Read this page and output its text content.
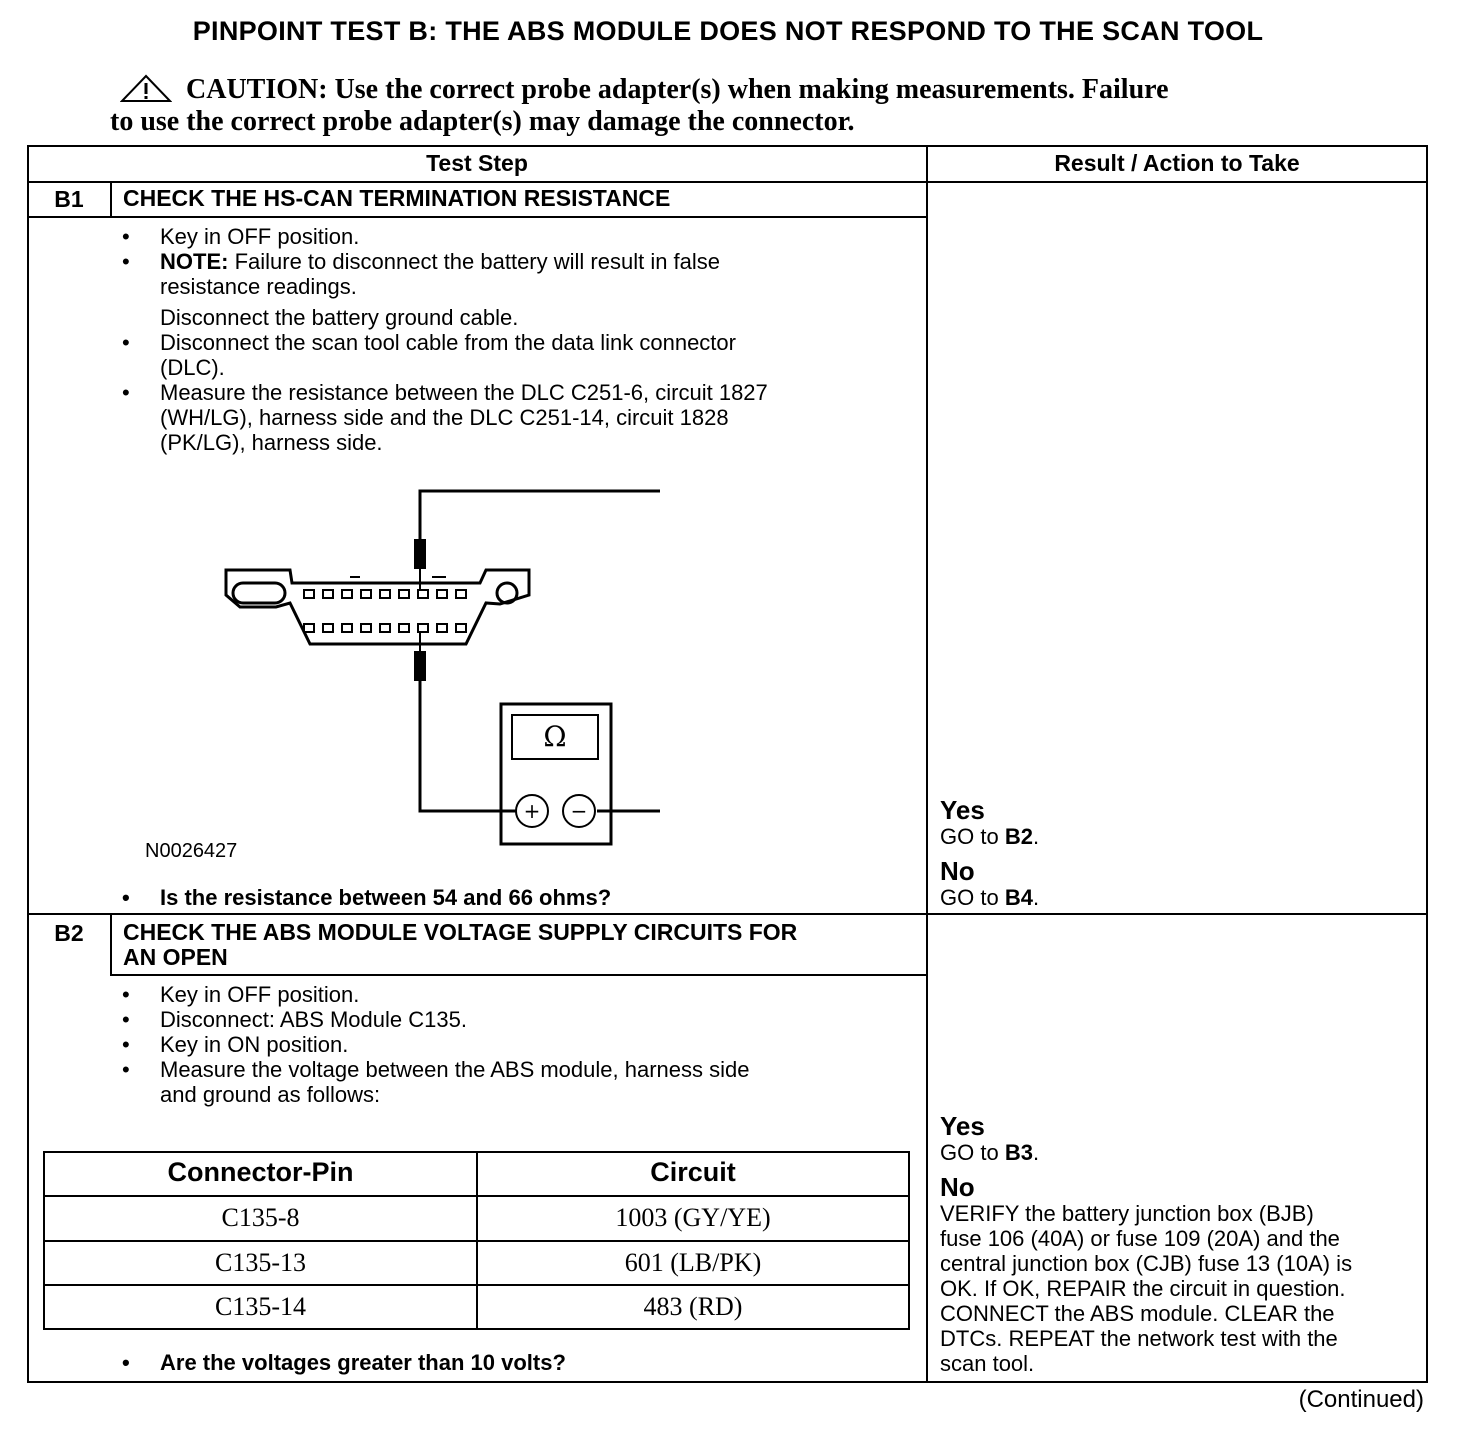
PINPOINT TEST B: THE ABS MODULE DOES NOT RESPOND TO THE SCAN TOOL
CAUTION: Use the correct probe adapter(s) when making measurements. Failure
to use the correct probe adapter(s) may damage the connector.
Test Step	Result / Action to Take
B1	CHECK THE HS-CAN TERMINATION RESISTANCE
• Key in OFF position.
• NOTE: Failure to disconnect the battery will result in false
resistance readings.
Disconnect the battery ground cable.
• Disconnect the scan tool cable from the data link connector
(DLC).
• Measure the resistance between the DLC C251-6, circuit 1827
(WH/LG), harness side and the DLC C251-14, circuit 1828
(PK/LG), harness side.
Ω
+ −
N0026427
• Is the resistance between 54 and 66 ohms?
Yes
GO to B2.
No
GO to B4.
B2	CHECK THE ABS MODULE VOLTAGE SUPPLY CIRCUITS FOR
AN OPEN
• Key in OFF position.
• Disconnect: ABS Module C135.
• Key in ON position.
• Measure the voltage between the ABS module, harness side
and ground as follows:
Connector-Pin	Circuit
C135-8	1003 (GY/YE)
C135-13	601 (LB/PK)
C135-14	483 (RD)
• Are the voltages greater than 10 volts?
Yes
GO to B3.
No
VERIFY the battery junction box (BJB)
fuse 106 (40A) or fuse 109 (20A) and the
central junction box (CJB) fuse 13 (10A) is
OK. If OK, REPAIR the circuit in question.
CONNECT the ABS module. CLEAR the
DTCs. REPEAT the network test with the
scan tool.
(Continued)
